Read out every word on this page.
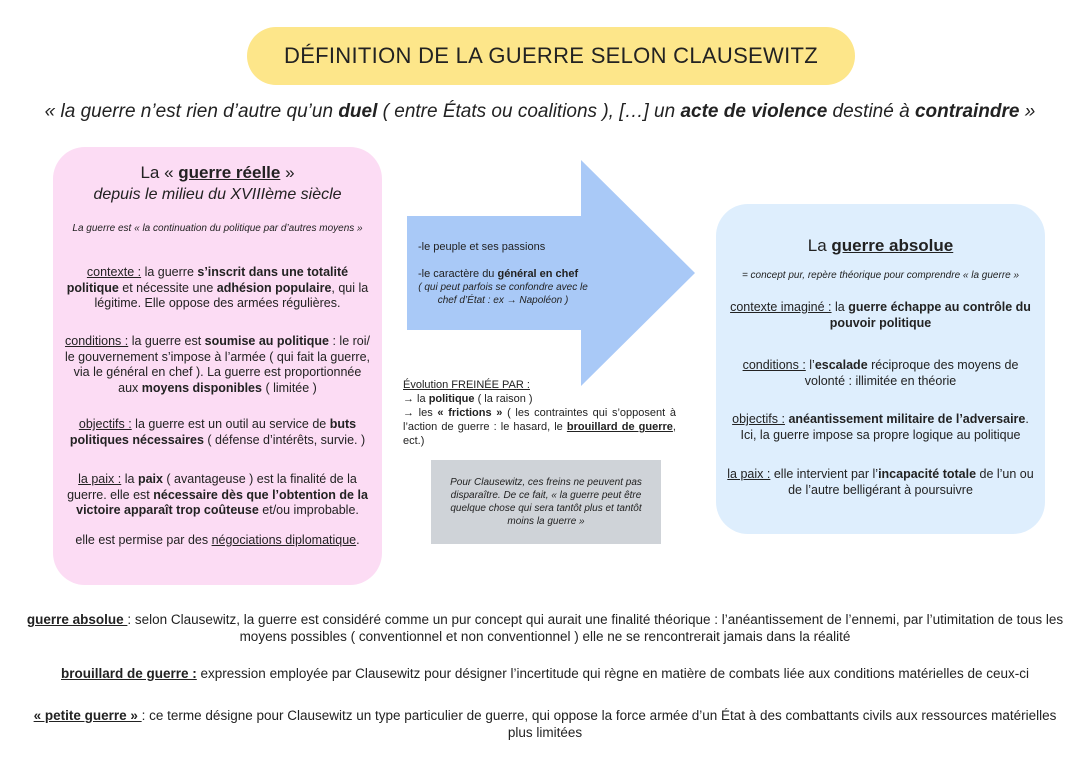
DÉFINITION DE LA GUERRE SELON CLAUSEWITZ
« la guerre n’est rien d’autre qu’un duel ( entre États ou coalitions ), […] un acte de violence destiné à contraindre »
La « guerre réelle »
depuis le milieu du XVIIIème siècle
La guerre est « la continuation du politique par d’autres moyens »

contexte : la guerre s’inscrit dans une totalité politique et nécessite une adhésion populaire, qui la légitime. Elle oppose des armées régulières.

conditions : la guerre est soumise au politique : le roi/ le gouvernement s’impose à l’armée ( qui fait la guerre, via le général en chef ). La guerre est proportionnée aux moyens disponibles ( limitée )

objectifs : la guerre est un outil au service de buts politiques nécessaires ( défense d’intérêts, survie. )

la paix : la paix ( avantageuse ) est la finalité de la guerre. elle est nécessaire dès que l’obtention de la victoire apparaît trop coûteuse et/ou improbable.

elle est permise par des négociations diplomatique.

-le peuple et ses passions
-le caractère du général en chef
( qui peut parfois se confondre avec le chef d’État : ex → Napoléon )
Évolution FREINÉE PAR :
→ la politique ( la raison )
→ les « frictions » ( les contraintes qui s’opposent à l’action de guerre : le hasard, le brouillard de guerre, ect.)
Pour Clausewitz, ces freins ne peuvent pas disparaître. De ce fait, « la guerre peut être quelque chose qui sera tantôt plus et tantôt moins la guerre »
La guerre absolue
= concept pur, repère théorique pour comprendre « la guerre »

contexte imaginé : la guerre échappe au contrôle du pouvoir politique

conditions : l’escalade réciproque des moyens de volonté : illimitée en théorie

objectifs : anéantissement militaire de l’adversaire. Ici, la guerre impose sa propre logique au politique

la paix : elle intervient par l’incapacité totale de l’un ou de l’autre belligérant à poursuivre

guerre absolue : selon Clausewitz, la guerre est considéré comme un pur concept qui aurait une finalité théorique : l’anéantissement de l’ennemi, par l’utimitation de tous les moyens possibles ( conventionnel et non conventionnel ) elle ne se rencontrerait jamais dans la réalité
brouillard de guerre : expression employée par Clausewitz pour désigner l’incertitude qui règne en matière de combats liée aux conditions matérielles de ceux-ci
« petite guerre » : ce terme désigne pour Clausewitz un type particulier de guerre, qui oppose la force armée d’un État à des combattants civils aux ressources matérielles plus limitées
